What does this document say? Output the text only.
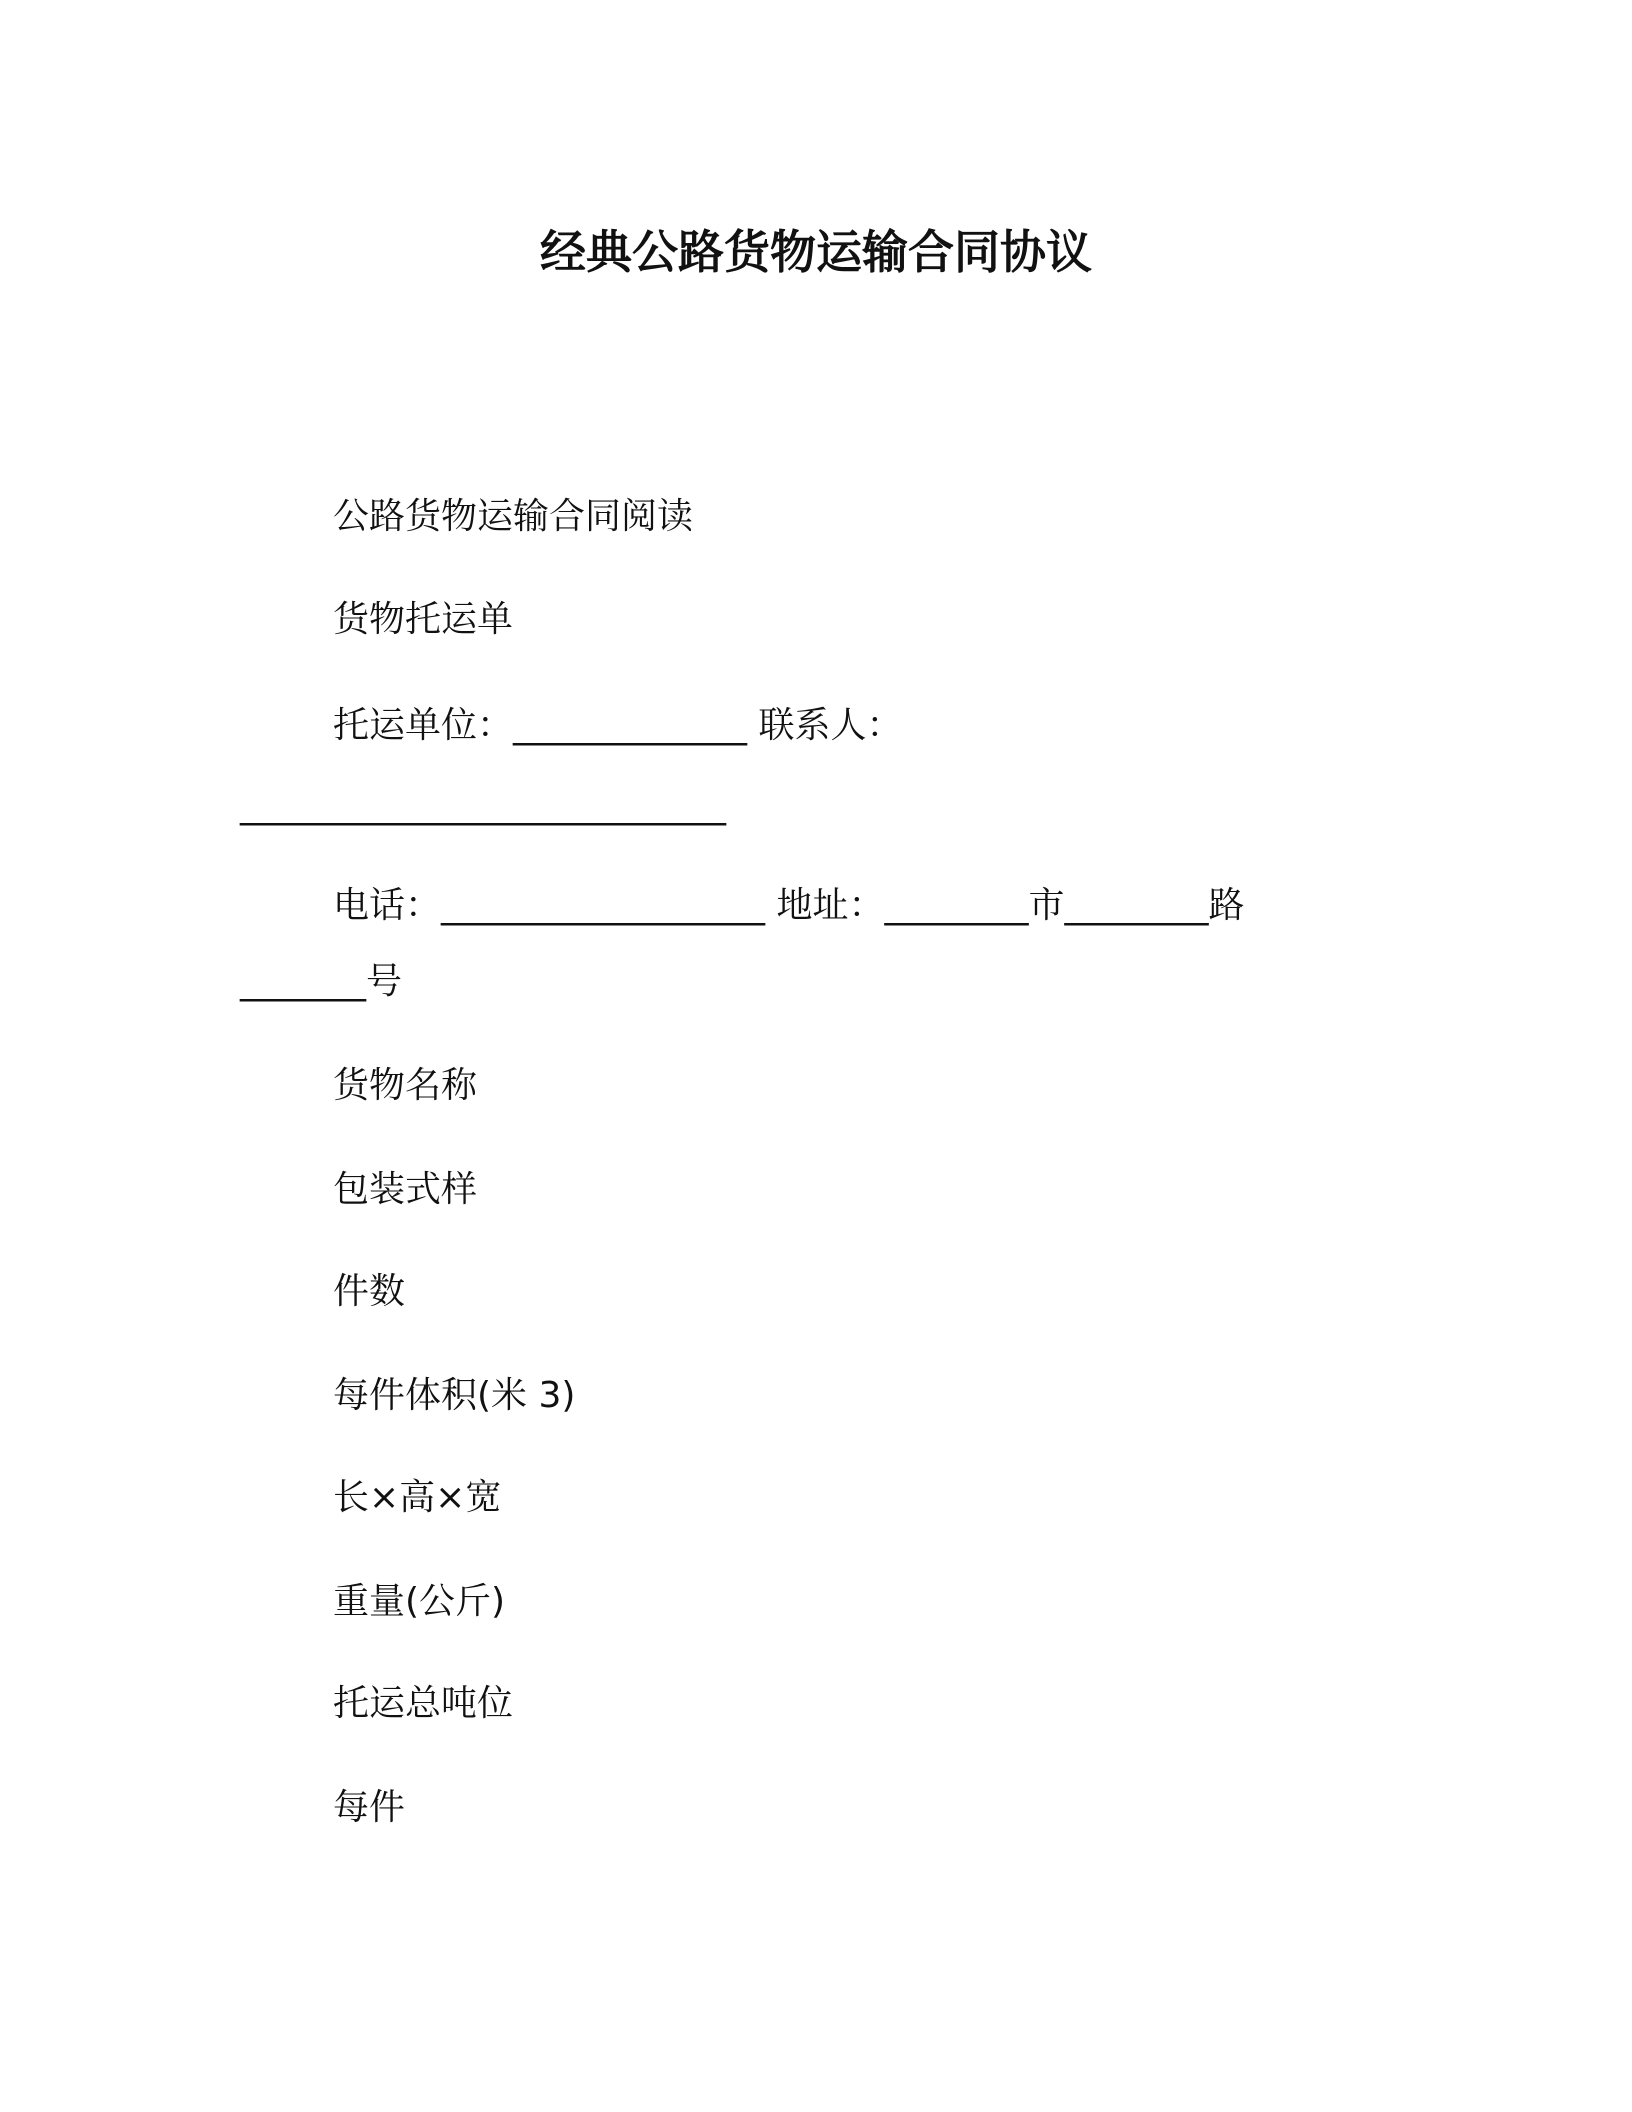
经典公路货物运输合同协议
公路货物运输合同阅读
货物托运单
托运单位：_____________ 联系人：
___________________________
电话：__________________ 地址：________市________路
_______号
货物名称
包装式样
件数
每件体积(米 3)
长×高×宽
重量(公斤)
托运总吨位
每件
